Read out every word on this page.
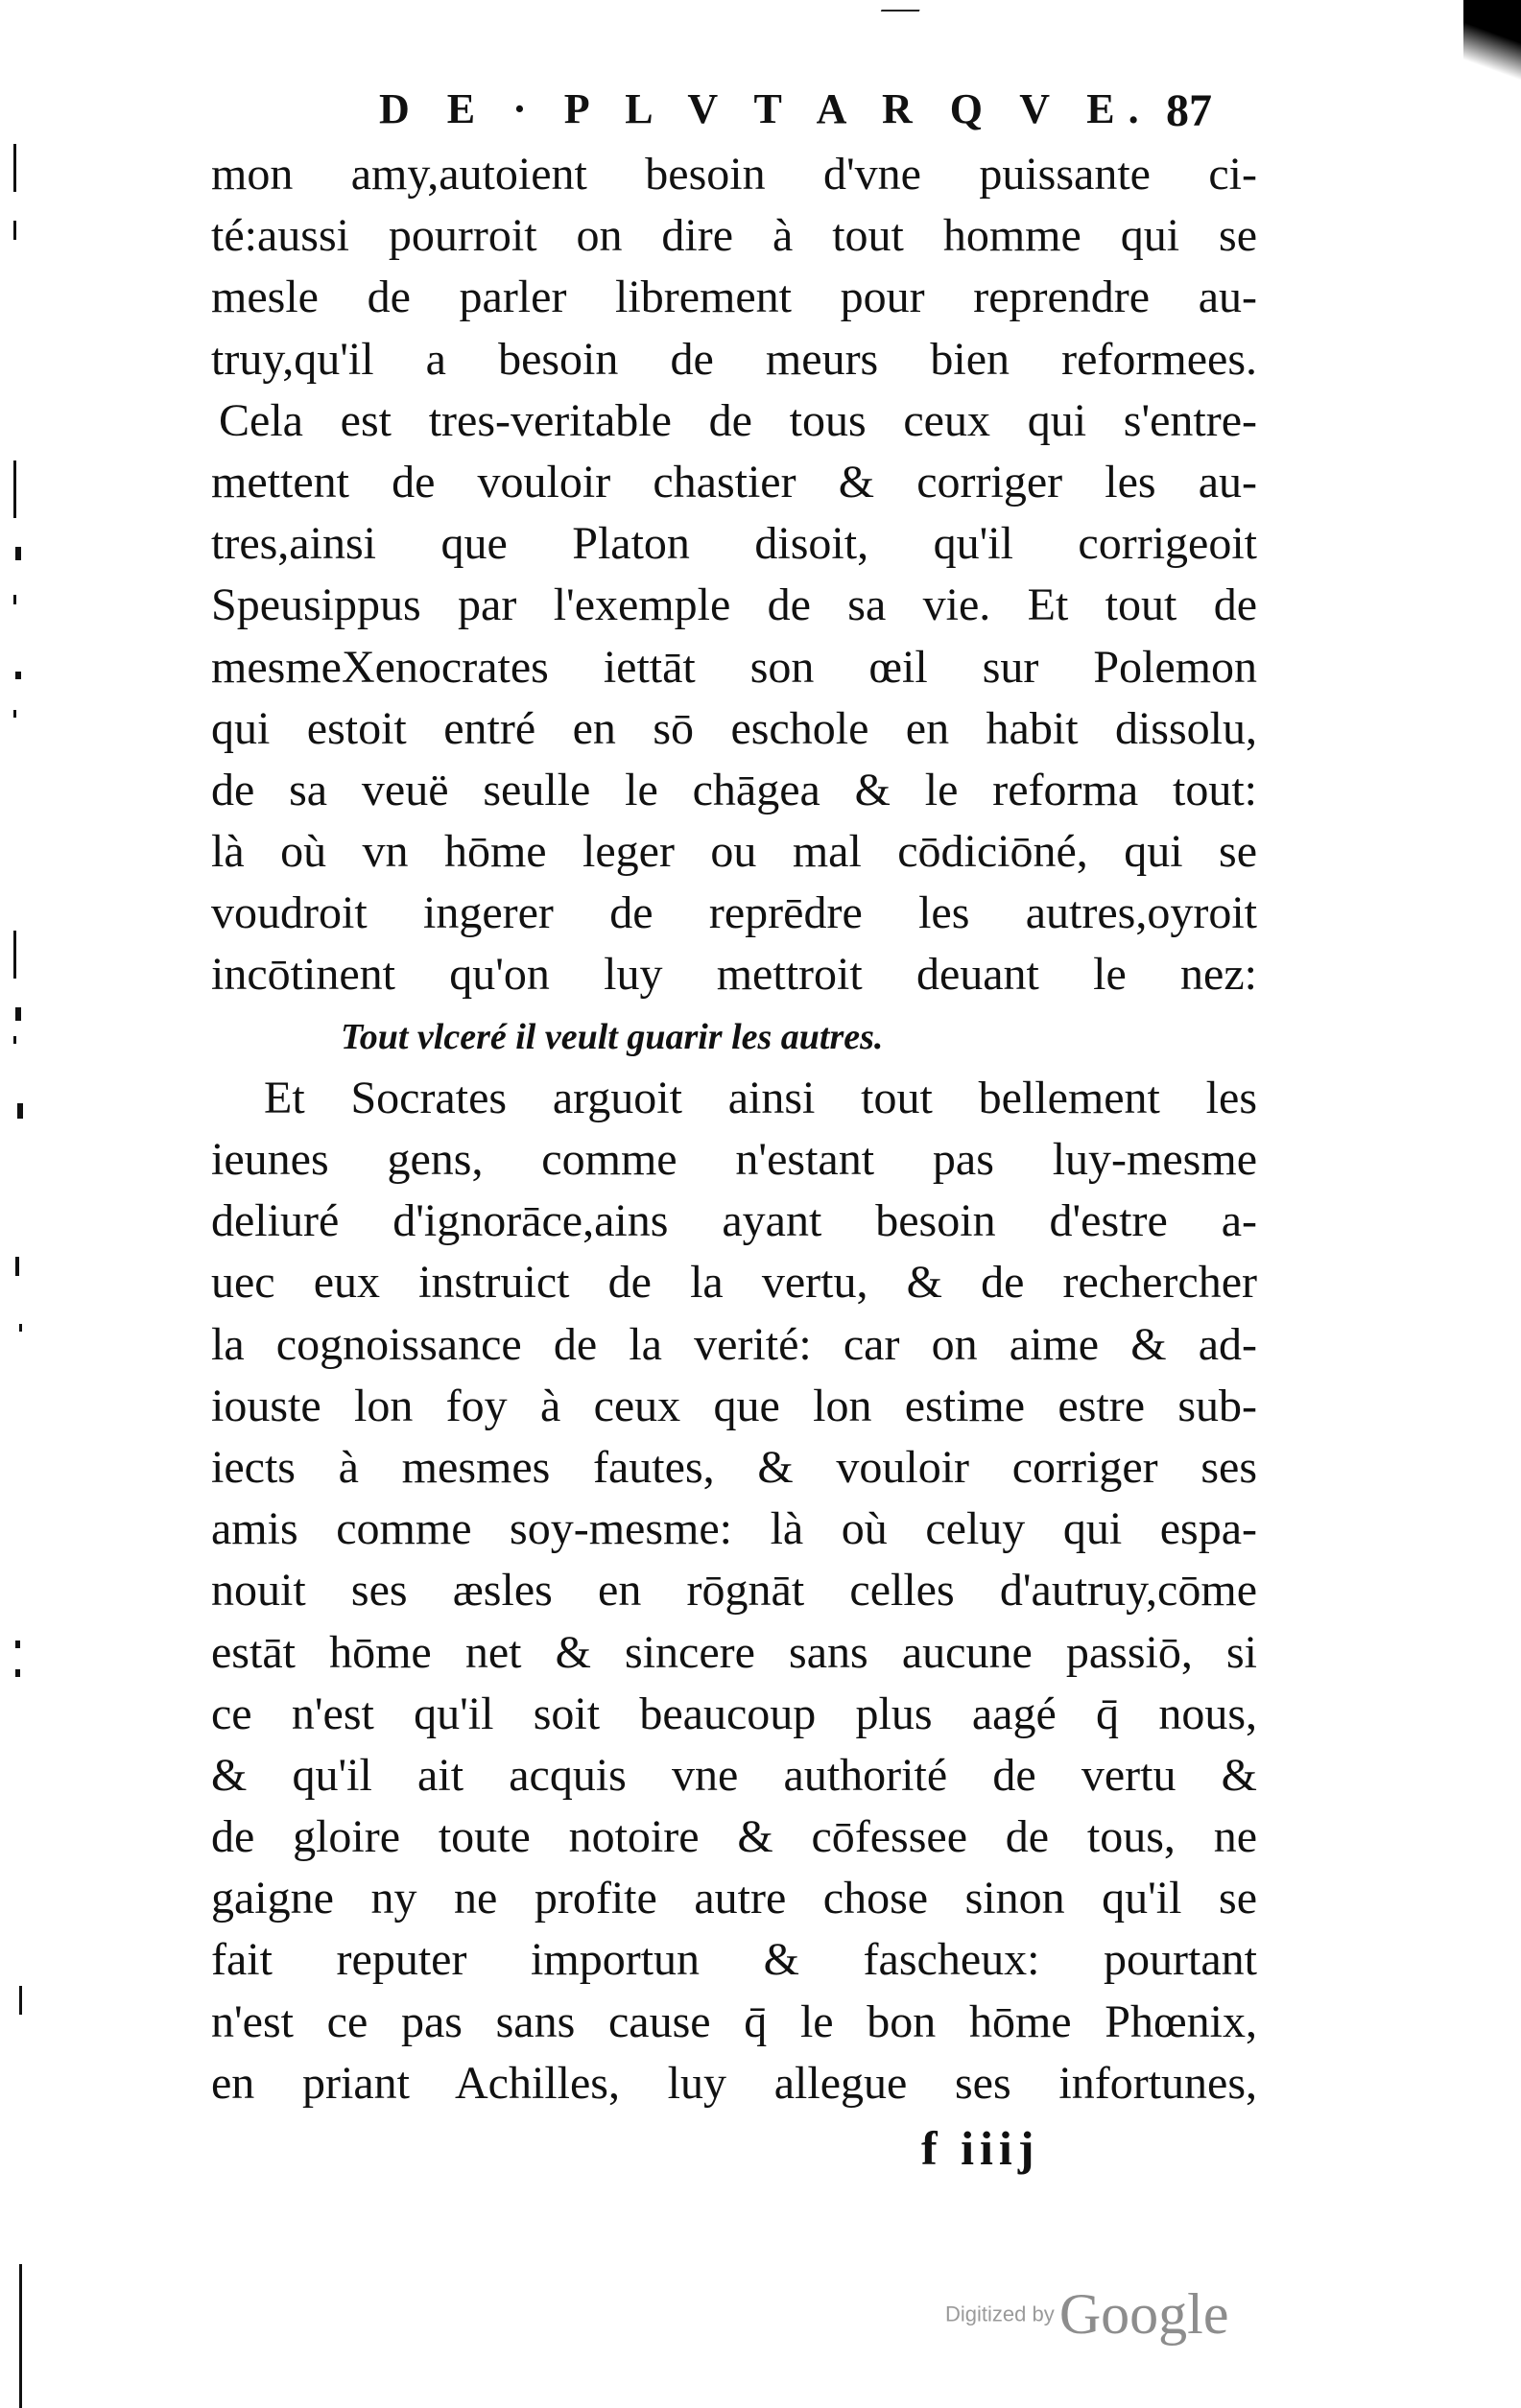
D E · P L V T A R Q V E. 87
mon amy,autoient besoin d'vne puissante ci-
té:aussi pourroit on dire à tout homme qui se
mesle de parler librement pour reprendre au-
truy,qu'il a besoin de meurs bien reformees.
Cela est tres-veritable de tous ceux qui s'entre-
mettent de vouloir chastier & corriger les au-
tres,ainsi que Platon disoit, qu'il corrigeoit
Speusippus par l'exemple de sa vie. Et tout de
mesmeXenocrates iettāt son œil sur Polemon
qui estoit entré en sō eschole en habit dissolu,
de sa veuë seulle le chāgea & le reforma tout:
là où vn hōme leger ou mal cōdiciōné, qui se
voudroit ingerer de reprēdre les autres,oyroit
incōtinent qu'on luy mettroit deuant le nez:
Tout vlceré il veult guarir les autres.
Et Socrates arguoit ainsi tout bellement les
ieunes gens, comme n'estant pas luy-mesme
deliuré d'ignorāce,ains ayant besoin d'estre a-
uec eux instruict de la vertu, & de rechercher
la cognoissance de la verité: car on aime & ad-
iouste lon foy à ceux que lon estime estre sub-
iects à mesmes fautes, & vouloir corriger ses
amis comme soy-mesme: là où celuy qui espa-
nouit ses æsles en rōgnāt celles d'autruy,cōme
estāt hōme net & sincere sans aucune passiō, si
ce n'est qu'il soit beaucoup plus aagé q̄ nous,
& qu'il ait acquis vne authorité de vertu &
de gloire toute notoire & cōfessee de tous, ne
gaigne ny ne profite autre chose sinon qu'il se
fait reputer importun & fascheux: pourtant
n'est ce pas sans cause q̄ le bon hōme Phœnix,
en priant Achilles, luy allegue ses infortunes,
f iiij
Digitized by Google
